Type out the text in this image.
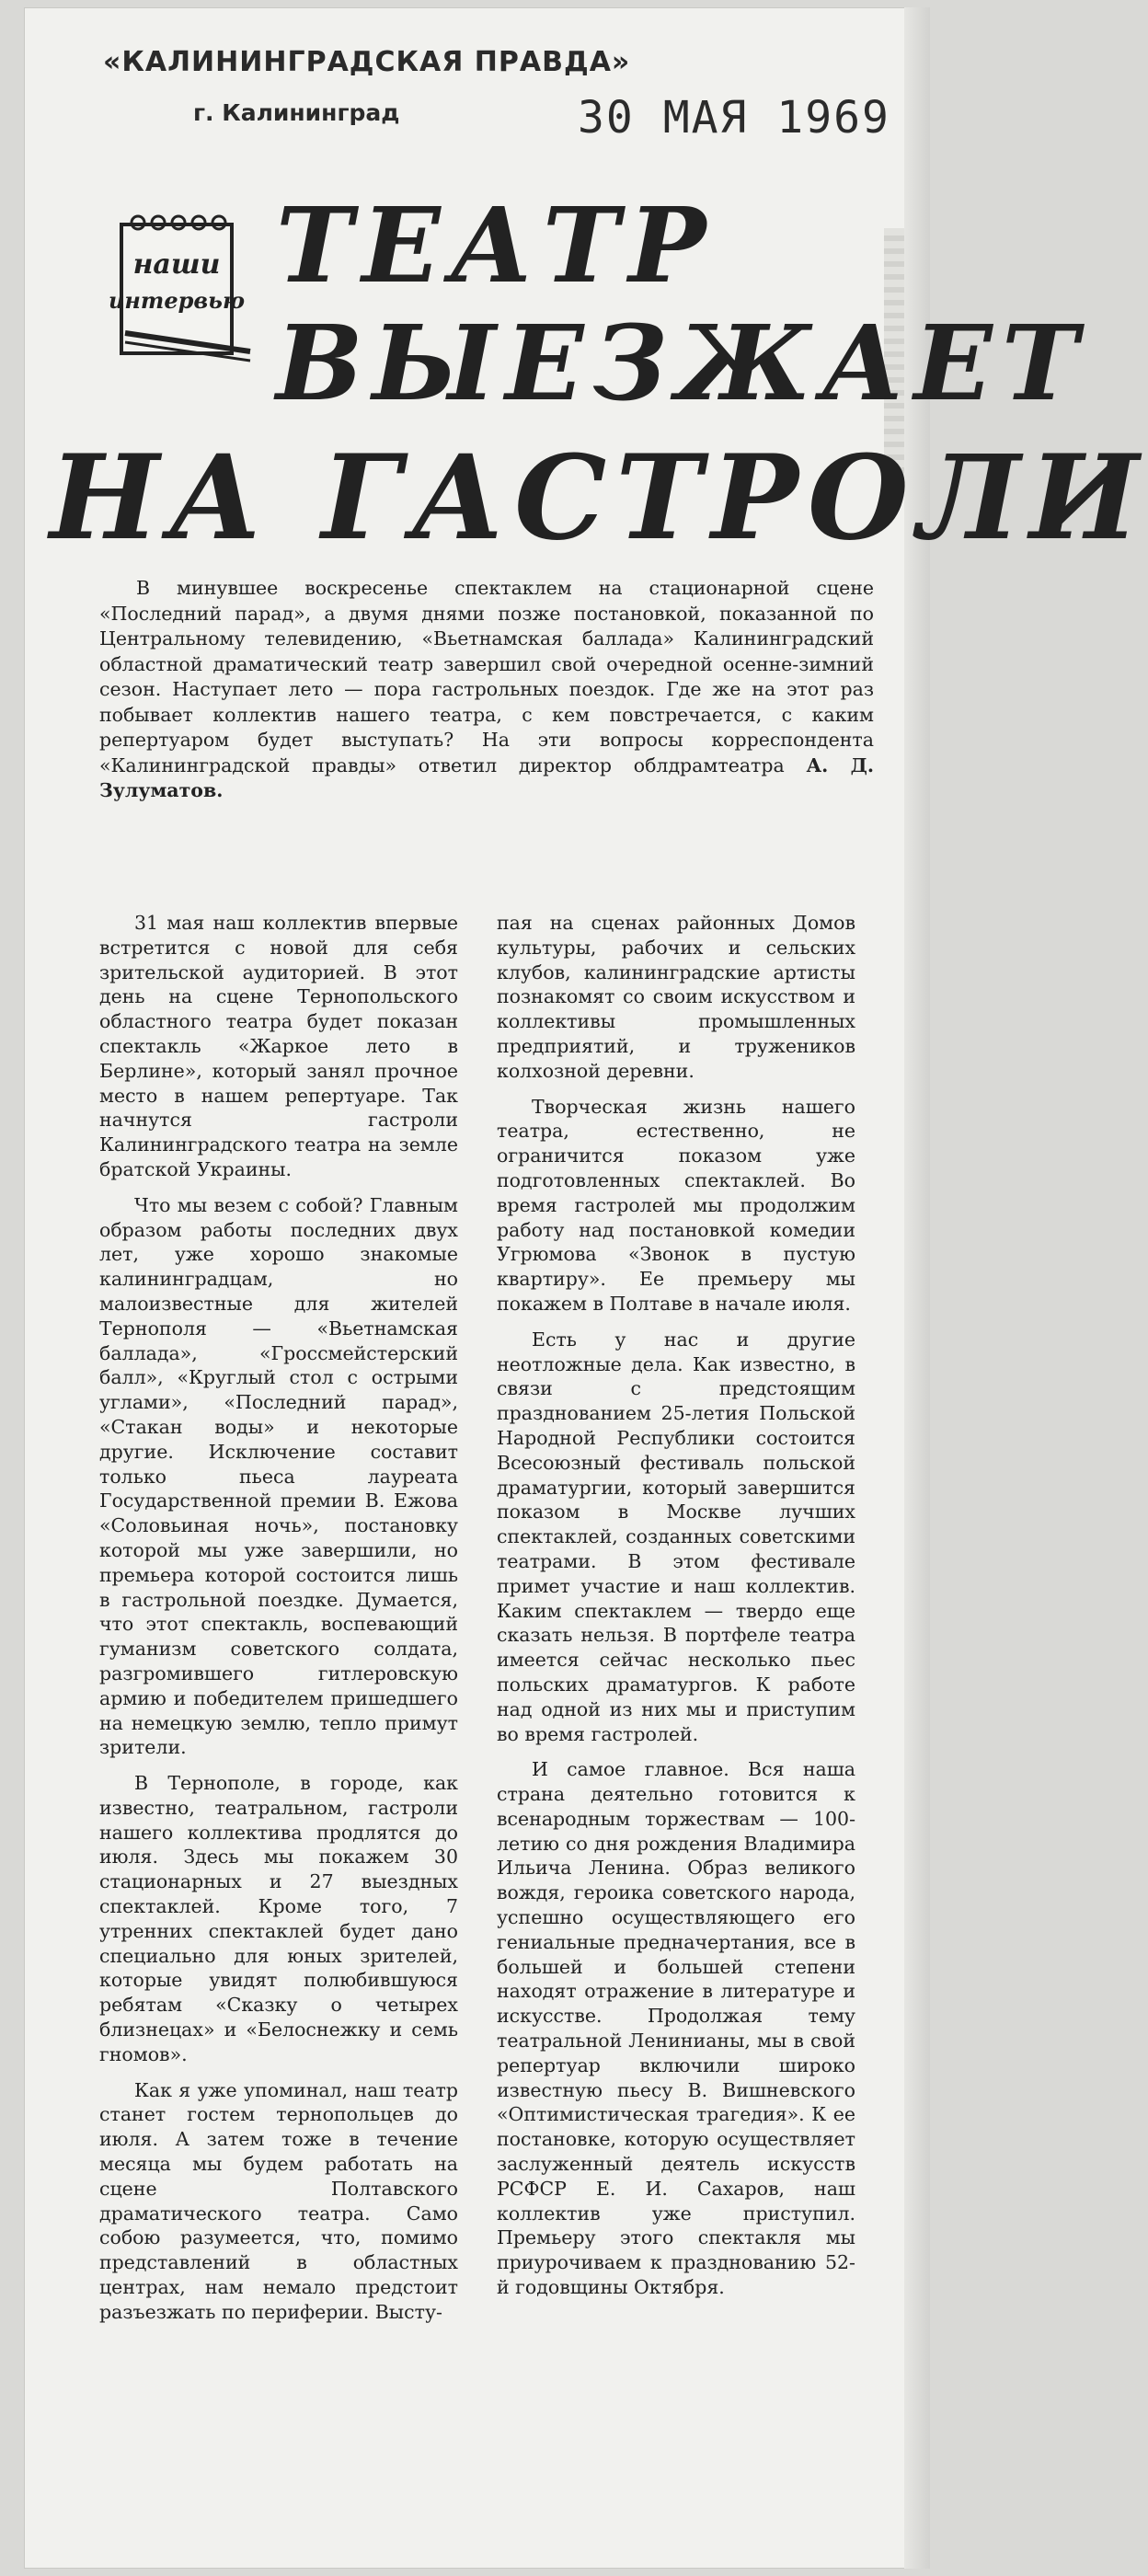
«КАЛИНИНГРАДСКАЯ ПРАВДА»
г. Калининград	30 МАЯ 1969
наши
интервью ТЕАТР
ВЫЕЗЖАЕТ
НА ГАСТРОЛИ
В минувшее воскресенье спектаклем на стационарной сцене «Последний парад», а двумя днями позже постановкой, показанной по Центральному телевидению, «Вьетнамская баллада» Калининградский областной драматический театр завершил свой очередной осенне-зимний сезон. Наступает лето — пора гастрольных поездок. Где же на этот раз побывает коллектив нашего театра, с кем повстречается, с каким репертуаром будет выступать? На эти вопросы корреспондента «Калининградской правды» ответил директор облдрамтеатра А. Д. Зулуматов.

31 мая наш коллектив впервые встретится с новой для себя зрительской аудиторией. В этот день на сцене Тернопольского областного театра будет показан спектакль «Жаркое лето в Берлине», который занял прочное место в нашем репертуаре. Так начнутся гастроли Калининградского театра на земле братской Украины.

Что мы везем с собой? Главным образом работы последних двух лет, уже хорошо знакомые калининградцам, но малоизвестные для жителей Тернополя — «Вьетнамская баллада», «Гроссмейстерский балл», «Круглый стол с острыми углами», «Последний парад», «Стакан воды» и некоторые другие. Исключение составит только пьеса лауреата Государственной премии В. Ежова «Соловьиная ночь», постановку которой мы уже завершили, но премьера которой состоится лишь в гастрольной поездке. Думается, что этот спектакль, воспевающий гуманизм советского солдата, разгромившего гитлеровскую армию и победителем пришедшего на немецкую землю, тепло примут зрители.

В Тернополе, в городе, как известно, театральном, гастроли нашего коллектива продлятся до июля. Здесь мы покажем 30 стационарных и 27 выездных спектаклей. Кроме того, 7 утренних спектаклей будет дано специально для юных зрителей, которые увидят полюбившуюся ребятам «Сказку о четырех близнецах» и «Белоснежку и семь гномов».

Как я уже упоминал, наш театр станет гостем тернопольцев до июля. А затем тоже в течение месяца мы будем работать на сцене Полтавского драматического театра. Само собою разумеется, что, помимо представлений в областных центрах, нам немало предстоит разъезжать по периферии. Высту-

пая на сценах районных Домов культуры, рабочих и сельских клубов, калининградские артисты познакомят со своим искусством и коллективы промышленных предприятий, и тружеников колхозной деревни.

Творческая жизнь нашего театра, естественно, не ограничится показом уже подготовленных спектаклей. Во время гастролей мы продолжим работу над постановкой комедии Угрюмова «Звонок в пустую квартиру». Ее премьеру мы покажем в Полтаве в начале июля.

Есть у нас и другие неотложные дела. Как известно, в связи с предстоящим празднованием 25-летия Польской Народной Республики состоится Всесоюзный фестиваль польской драматургии, который завершится показом в Москве лучших спектаклей, созданных советскими театрами. В этом фестивале примет участие и наш коллектив. Каким спектаклем — твердо еще сказать нельзя. В портфеле театра имеется сейчас несколько пьес польских драматургов. К работе над одной из них мы и приступим во время гастролей.

И самое главное. Вся наша страна деятельно готовится к всенародным торжествам — 100-летию со дня рождения Владимира Ильича Ленина. Образ великого вождя, героика советского народа, успешно осуществляющего его гениальные предначертания, все в большей и большей степени находят отражение в литературе и искусстве. Продолжая тему театральной Ленинианы, мы в свой репертуар включили широко известную пьесу В. Вишневского «Оптимистическая трагедия». К ее постановке, которую осуществляет заслуженный деятель искусств РСФСР Е. И. Сахаров, наш коллектив уже приступил. Премьеру этого спектакля мы приурочиваем к празднованию 52-й годовщины Октября.
